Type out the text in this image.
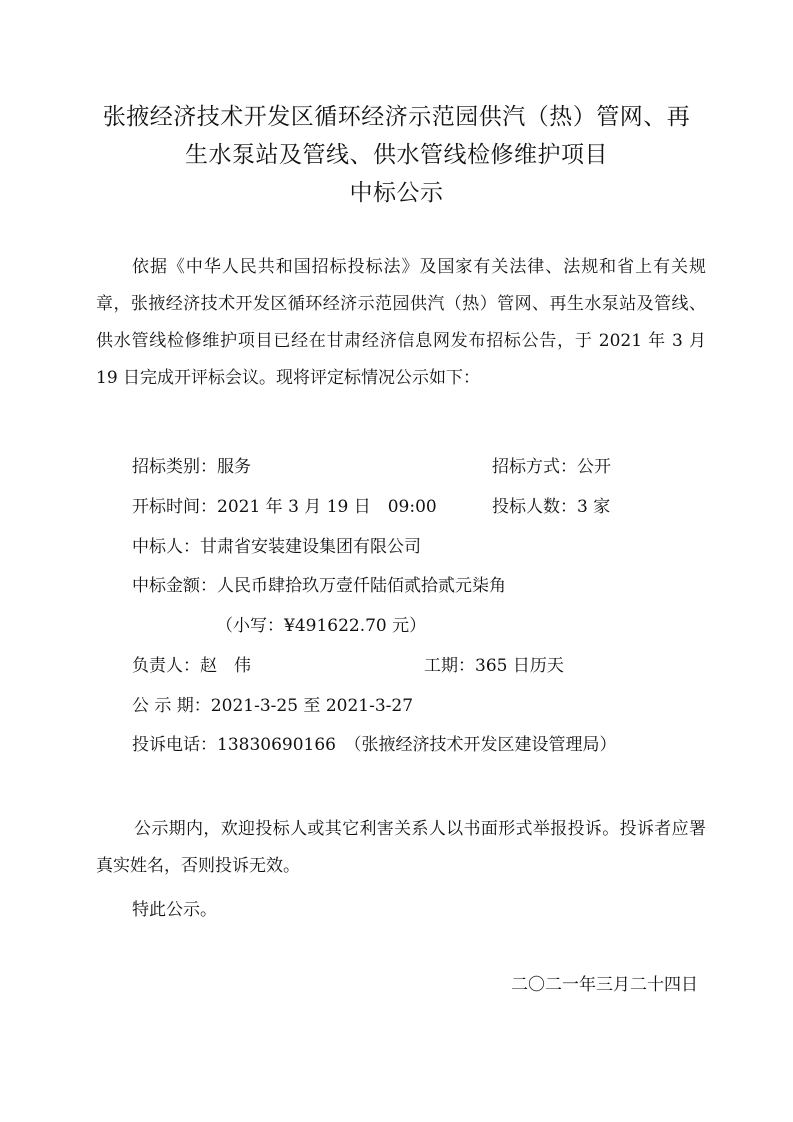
张掖经济技术开发区循环经济示范园供汽（热）管网、再
生水泵站及管线、供水管线检修维护项目
中标公示

依据《中华人民共和国招标投标法》及国家有关法律、法规和省上有关规章，张掖经济技术开发区循环经济示范园供汽（热）管网、再生水泵站及管线、供水管线检修维护项目已经在甘肃经济信息网发布招标公告，于 2021 年 3 月 19 日完成开评标会议。现将评定标情况公示如下：

招标类别：服务	招标方式：公开
开标时间：2021 年 3 月 19 日　09:00	投标人数：3 家
中标人：甘肃省安装建设集团有限公司
中标金额：人民币肆拾玖万壹仟陆佰贰拾贰元柒角
（小写：¥491622.70 元）
负责人：赵　伟	工期：365 日历天
公 示 期：2021-3-25 至 2021-3-27
投诉电话：13830690166　（张掖经济技术开发区建设管理局）

公示期内，欢迎投标人或其它利害关系人以书面形式举报投诉。投诉者应署真实姓名，否则投诉无效。

特此公示。
二〇二一年三月二十四日
